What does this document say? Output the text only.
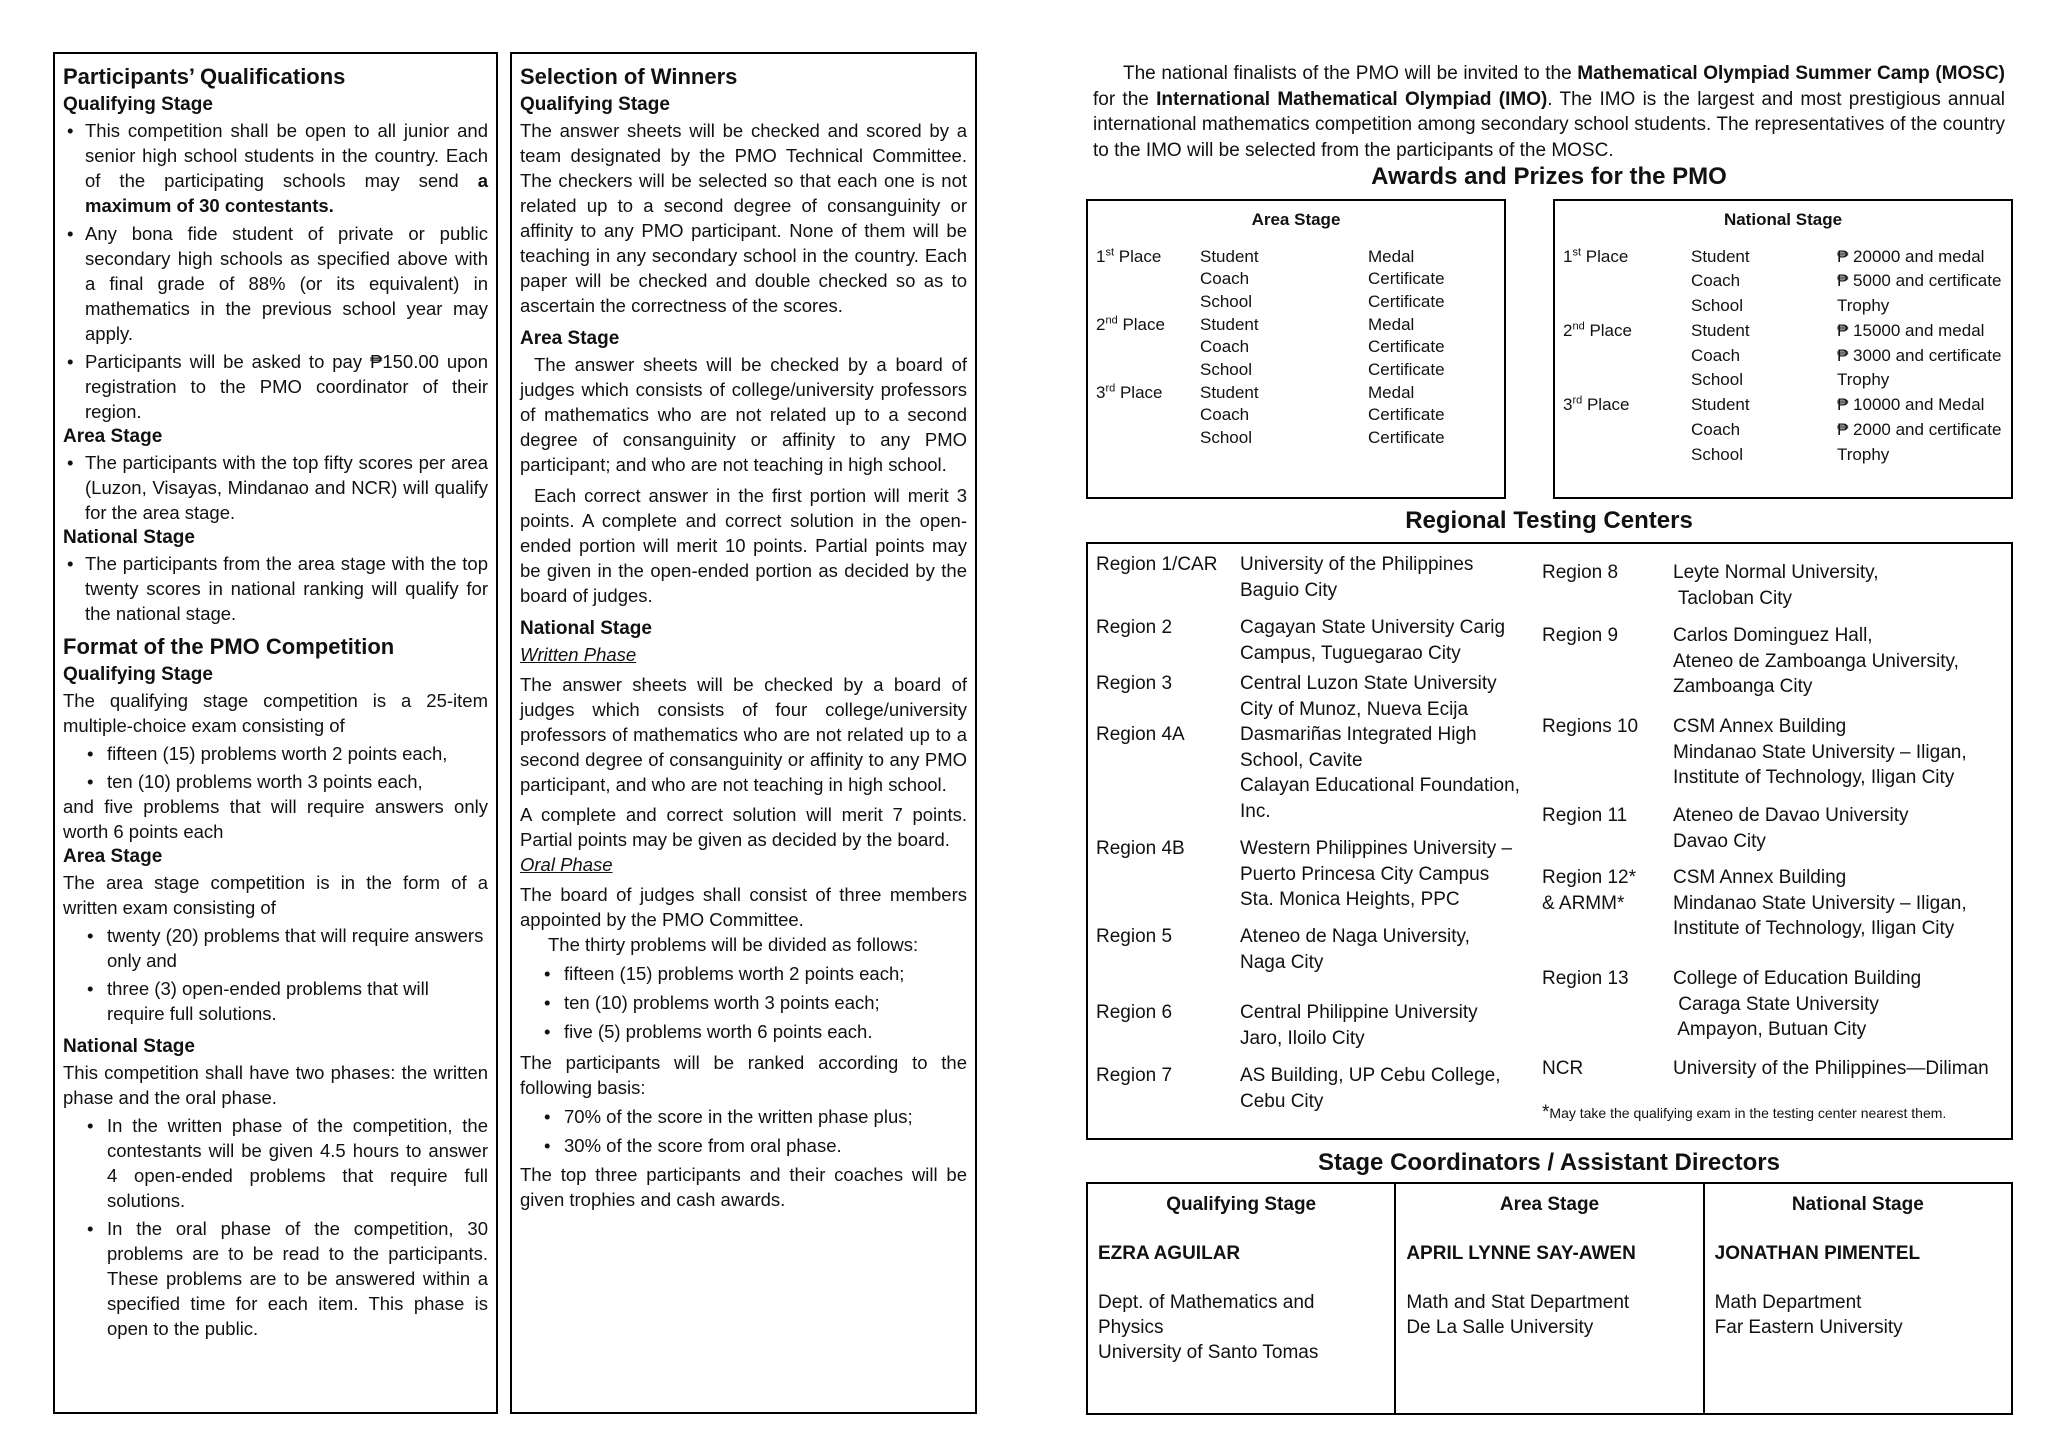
Participants’ Qualifications

Qualifying Stage

• This competition shall be open to all junior and senior high school students in the country. Each of the participating schools may send a maximum of 30 contestants.

• Any bona fide student of private or public secondary high schools as specified above with a final grade of 88% (or its equivalent) in mathematics in the previous school year may apply.

• Participants will be asked to pay ₱150.00 upon registration to the PMO coordinator of their region.

Area Stage

• The participants with the top fifty scores per area (Luzon, Visayas, Mindanao and NCR) will qualify for the area stage.

National Stage

• The participants from the area stage with the top twenty scores in national ranking will qualify for the national stage.

Format of the PMO Competition

Qualifying Stage

The qualifying stage competition is a 25-item multiple-choice exam consisting of

• fifteen (15) problems worth 2 points each,

• ten (10) problems worth 3 points each,

and five problems that will require answers only worth 6 points each

Area Stage

The area stage competition is in the form of a written exam consisting of

• twenty (20) problems that will require answers only and

• three (3) open-ended problems that will require full solutions.

National Stage

This competition shall have two phases: the written phase and the oral phase.

• In the written phase of the competition, the contestants will be given 4.5 hours to answer 4 open-ended problems that require full solutions.

• In the oral phase of the competition, 30 problems are to be read to the participants. These problems are to be answered within a specified time for each item. This phase is open to the public.

Selection of Winners

Qualifying Stage

The answer sheets will be checked and scored by a team designated by the PMO Technical Committee. The checkers will be selected so that each one is not related up to a second degree of consanguinity or affinity to any PMO participant. None of them will be teaching in any secondary school in the country. Each paper will be checked and double checked so as to ascertain the correctness of the scores.

Area Stage

The answer sheets will be checked by a board of judges which consists of college/university professors of mathematics who are not related up to a second degree of consanguinity or affinity to any PMO participant; and who are not teaching in high school.

Each correct answer in the first portion will merit 3 points. A complete and correct solution in the open-ended portion will merit 10 points. Partial points may be given in the open-ended portion as decided by the board of judges.

National Stage

Written Phase

The answer sheets will be checked by a board of judges which consists of four college/university professors of mathematics who are not related up to a second degree of consanguinity or affinity to any PMO participant, and who are not teaching in high school.

A complete and correct solution will merit 7 points. Partial points may be given as decided by the board.

Oral Phase

The board of judges shall consist of three members appointed by the PMO Committee.

The thirty problems will be divided as follows:

• fifteen (15) problems worth 2 points each;

• ten (10) problems worth 3 points each;

• five (5) problems worth 6 points each.

The participants will be ranked according to the following basis:

• 70% of the score in the written phase plus;

• 30% of the score from oral phase.

The top three participants and their coaches will be given trophies and cash awards.

The national finalists of the PMO will be invited to the Mathematical Olympiad Summer Camp (MOSC) for the International Mathematical Olympiad (IMO). The IMO is the largest and most prestigious annual international mathematics competition among secondary school students. The representatives of the country to the IMO will be selected from the participants of the MOSC.

Awards and Prizes for the PMO

Area Stage

1st Place Student	Medal
Coach	Certificate
School	Certificate
2nd Place Student	Medal
Coach	Certificate
School	Certificate
3rd Place Student	Medal
Coach	Certificate
School	Certificate

National Stage

1st Place	Student	₱ 20000 and medal
Coach	₱ 5000 and certificate
School	Trophy
2nd Place	Student	₱ 15000 and medal
Coach	₱ 3000 and certificate
School	Trophy
3rd Place	Student	₱ 10000 and Medal
Coach	₱ 2000 and certificate
School	Trophy
Regional Testing Centers

*May take the qualifying exam in the testing center nearest them.

Region 1/CAR	University of the Philippines
Baguio City
Region 2	Cagayan State University Carig
Campus, Tuguegarao City
Region 3	Central Luzon State University
City of Munoz, Nueva Ecija
Region 4A	Dasmariñas Integrated High
School, Cavite
Calayan Educational Foundation,
Inc.
Region 4B	Western Philippines University –
Puerto Princesa City Campus
Sta. Monica Heights, PPC
Region 5	Ateneo de Naga University,
Naga City
Region 6	Central Philippine University
Jaro, Iloilo City
Region 7	AS Building, UP Cebu College,
Cebu City
Region 8	Leyte Normal University,
Tacloban City
Region 9	Carlos Dominguez Hall,
Ateneo de Zamboanga University,
Zamboanga City
Regions 10	CSM Annex Building
Mindanao State University – Iligan,
Institute of Technology, Iligan City
Region 11	Ateneo de Davao University
Davao City
Region 12*
& ARMM*
CSM Annex Building
Mindanao State University – Iligan,
Institute of Technology, Iligan City
Region 13	College of Education Building
Caraga State University
Ampayon, Butuan City
NCR	University of the Philippines—Diliman
Stage Coordinators / Assistant Directors
Qualifying Stage
EZRA AGUILAR
Dept. of Mathematics and Physics
University of Santo Tomas
Area Stage
APRIL LYNNE SAY-AWEN
Math and Stat Department
De La Salle University
National Stage
JONATHAN PIMENTEL
Math Department
Far Eastern University
